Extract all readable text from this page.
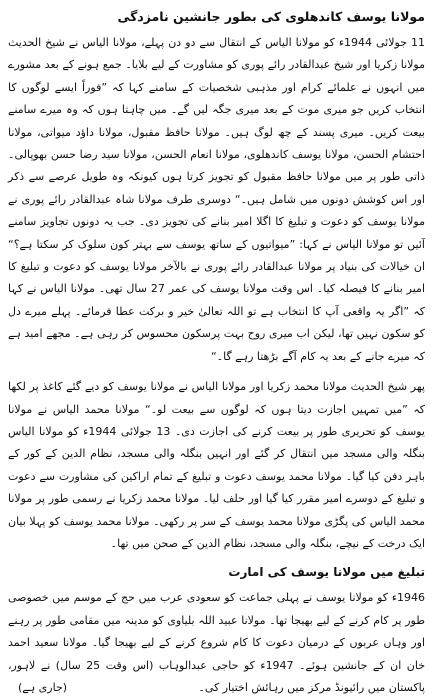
مولانا یوسف کاندھلوی کی بطور جانشین نامزدگی

11 جولائی 1944ء کو مولانا الیاس کے انتقال سے دو دن پہلے، مولانا الیاس نے شیخ الحدیث مولانا زکریا اور شیخ عبدالقادر رائے پوری کو مشاورت کے لیے بلایا۔ جمع ہونے کے بعد مشورے میں انہوں نے علمائے کرام اور مذہبی شخصیات کے سامنے کہا کہ ”فوراً ایسے لوگوں کا انتخاب کریں جو میری موت کے بعد میری جگہ لیں گے۔ میں چاہتا ہوں کہ وہ میرے سامنے بیعت کریں۔ میری پسند کے چھ لوگ ہیں۔ مولانا حافظ مقبول، مولانا داؤد میواتی، مولانا احتشام الحسن، مولانا یوسف کاندھلوی، مولانا انعام الحسن، مولانا سید رضا حسن بھوپالی۔ ذاتی طور پر میں مولانا حافظ مقبول کو تجویز کرتا ہوں کیونکہ وہ طویل عرصے سے ذکر اور اس کوشش دونوں میں شامل ہیں۔“ دوسری طرف مولانا شاہ عبدالقادر رائے پوری نے مولانا یوسف کو دعوت و تبلیغ کا اگلا امیر بنانے کی تجویز دی۔ جب یہ دونوں تجاویز سامنے آئیں تو مولانا الیاس نے کہا: ”میواتیوں کے ساتھ یوسف سے بہتر کون سلوک کر سکتا ہے؟“ ان خیالات کی بنیاد پر مولانا عبدالقادر رائے پوری نے بالآخر مولانا یوسف کو دعوت و تبلیغ کا امیر بنانے کا فیصلہ کیا۔ اس وقت مولانا یوسف کی عمر 27 سال تھی۔ مولانا الیاس نے کہا کہ ”اگر یہ واقعی آپ کا انتخاب ہے تو اللہ تعالیٰ خیر و برکت عطا فرمائے۔ پہلے میرے دل کو سکون نہیں تھا، لیکن اب میری روح بہت پرسکون محسوس کر رہی ہے۔ مجھے امید ہے کہ میرے جانے کے بعد یہ کام آگے بڑھتا رہے گا۔“

پھر شیخ الحدیث مولانا محمد زکریا اور مولانا الیاس نے مولانا یوسف کو دیے گئے کاغذ پر لکھا کہ ”میں تمہیں اجازت دیتا ہوں کہ لوگوں سے بیعت لو۔“ مولانا محمد الیاس نے مولانا یوسف کو تحریری طور پر بیعت کرنے کی اجازت دی۔ 13 جولائی 1944ء کو مولانا الیاس بنگلہ والی مسجد میں انتقال کر گئے اور انہیں بنگلہ والی مسجد، نظام الدین کے کور کے باہر دفن کیا گیا۔ مولانا محمد یوسف دعوت و تبلیغ کے تمام اراکین کی مشاورت سے دعوت و تبلیغ کے دوسرے امیر مقرر کیا گیا اور حلف لیا۔ مولانا محمد زکریا نے رسمی طور پر مولانا محمد الیاس کی پگڑی مولانا محمد یوسف کے سر پر رکھی۔ مولانا محمد یوسف کو پہلا بیان ایک درخت کے نیچے، بنگلہ والی مسجد، نظام الدین کے صحن میں تھا۔

تبلیغ میں مولانا یوسف کی امارت

1946ء کو مولانا یوسف نے پہلی جماعت کو سعودی عرب میں حج کے موسم میں خصوصی طور پر کام کرنے کے لیے بھیجا تھا۔ مولانا عبید اللہ بلیاوی کو مدینہ میں مقامی طور پر رہنے اور وہاں عربوں کے درمیان دعوت کا کام شروع کرنے کے لیے بھیجا گیا۔ مولانا سعید احمد خان ان کے جانشین ہوئے۔ 1947ء کو حاجی عبدالوہاب (اس وقت 25 سال) نے لاہور، پاکستان میں رائیونڈ مرکز میں رہائش اختیار کی۔
(جاری ہے)
